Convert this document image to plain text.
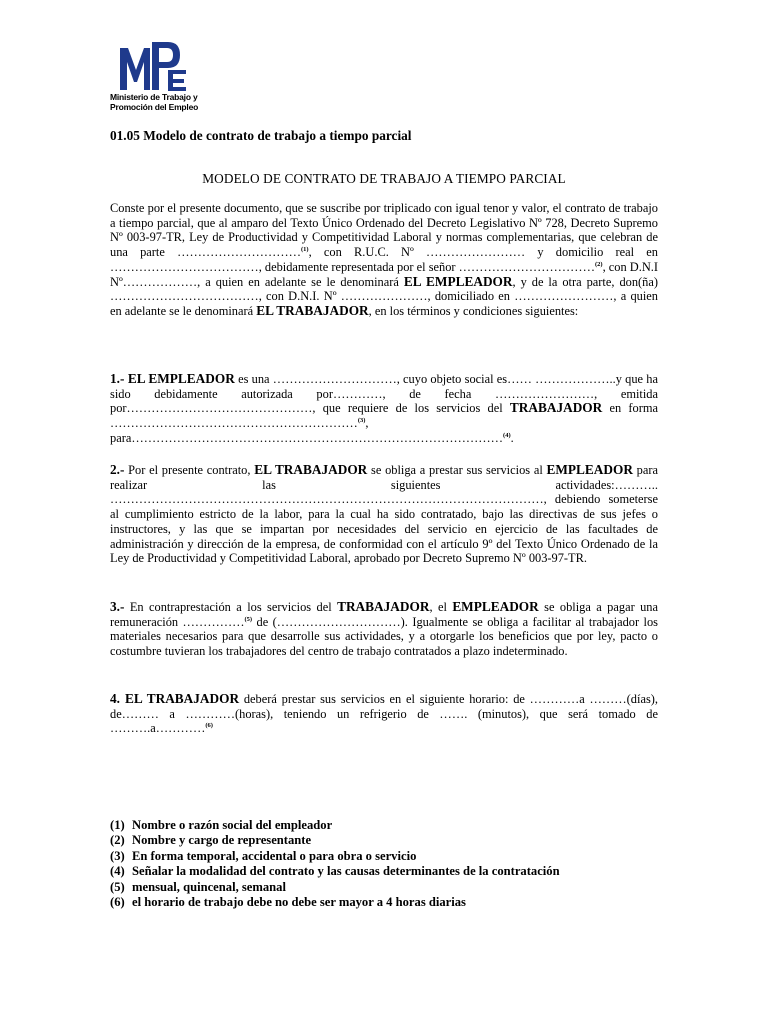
Ministerio de Trabajo y
Promoción del Empleo
01.05 Modelo de contrato de trabajo a tiempo parcial
MODELO DE CONTRATO DE TRABAJO A TIEMPO PARCIAL

Conste por el presente documento, que se suscribe por triplicado con igual tenor y valor, el contrato de trabajo a tiempo parcial, que al amparo del Texto Único Ordenado del Decreto Legislativo Nº 728, Decreto Supremo Nº 003-97-TR, Ley de Productividad y Competitividad Laboral y normas complementarias, que celebran de una parte …………………………$^{(1)}$, con R.U.C. Nº …………………… y domicilio real en ………………………………, debidamente representada por el señor ……………………………$^{(2)}$, con D.N.I Nº………………, a quien en adelante se le denominará EL EMPLEADOR, y de la otra parte, don(ña) ………………………………, con D.N.I. Nº …………………, domiciliado en ……………………, a quien en adelante se le denominará EL TRABAJADOR, en los términos y condiciones siguientes:

1.- EL EMPLEADOR es una …………………………, cuyo objeto social es…… ………………..y que ha sido debidamente autorizada por…………, de fecha ……………………, emitida por………………………………………, que requiere de los servicios del TRABAJADOR en forma ……………………………………………………$^{(3)}$, para………………………………………………………………………………$^{(4)}$.

2.- Por el presente contrato, EL TRABAJADOR se obliga a prestar sus servicios al EMPLEADOR para realizar las siguientes actividades:……….. ……………………………………………………………………………………………, debiendo someterse al cumplimiento estricto de la labor, para la cual ha sido contratado, bajo las directivas de sus jefes o instructores, y las que se impartan por necesidades del servicio en ejercicio de las facultades de administración y dirección de la empresa, de conformidad con el artículo 9º del Texto Único Ordenado de la Ley de Productividad y Competitividad Laboral, aprobado por Decreto Supremo Nº 003-97-TR.

3.- En contraprestación a los servicios del TRABAJADOR, el EMPLEADOR se obliga a pagar una remuneración ……………$^{(5)}$ de (…………………………). Igualmente se obliga a facilitar al trabajador los materiales necesarios para que desarrolle sus actividades, y a otorgarle los beneficios que por ley, pacto o costumbre tuvieran los trabajadores del centro de trabajo contratados a plazo indeterminado.

4. EL TRABAJADOR deberá prestar sus servicios en el siguiente horario: de …………a ………(días), de……… a …………(horas), teniendo un refrigerio de ……. (minutos), que será tomado de ……….a…………$^{(6)}$

(1) Nombre o razón social del empleador
(2) Nombre y cargo de representante
(3) En forma temporal, accidental o para obra o servicio
(4) Señalar la modalidad del contrato y las causas determinantes de la contratación
(5) mensual, quincenal, semanal
(6) el horario de trabajo debe no debe ser mayor a 4 horas diarias
